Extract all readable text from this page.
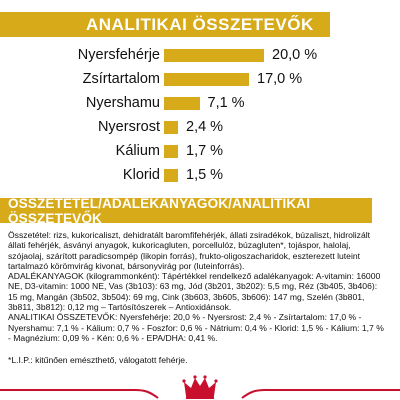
ANALITIKAI ÖSSZETEVŐK
Nyersfehérje	20,0 %
Zsírtartalom	17,0 %
Nyershamu	7,1 %
Nyersrost 2,4 %
Kálium 1,7 %
Klorid 1,5 %
ÖSSZETÉTEL/ADALÉKANYAGOK/ANALITIKAI ÖSSZETEVŐK

Összetétel: rizs, kukoricaliszt, dehidratált baromfifehérjék, állati zsiradékok, búzaliszt, hidrolizált állati fehérjék, ásványi anyagok, kukoricagluten, porcellulóz, búzagluten*, tojáspor, halolaj, szójaolaj, szárított paradicsompép (likopin forrás), frukto-oligoszacharidok, eszterezett luteint tartalmazó körömvirág kivonat, bársonyvirág por (luteinforrás).

ADALÉKANYAGOK (kilogrammonként): Tápértékkel rendelkező adalékanyagok: A-vitamin: 16000 NE, D3-vitamin: 1000 NE, Vas (3b103): 63 mg, Jód (3b201, 3b202): 5,5 mg, Réz (3b405, 3b406): 15 mg, Mangán (3b502, 3b504): 69 mg, Cink (3b603, 3b605, 3b606): 147 mg, Szelén (3b801, 3b811, 3b812): 0,12 mg – Tartósítószerek – Antioxidánsok.

ANALITIKAI ÖSSZETEVŐK: Nyersfehérje: 20,0 % - Nyersrost: 2,4 % - Zsírtartalom: 17,0 % - Nyershamu: 7,1 % - Kálium: 0,7 % - Foszfor: 0,6 % - Nátrium: 0,4 % - Klorid: 1,5 % - Kálium: 1,7 % - Magnézium: 0,09 % - Kén: 0,6 % - EPA/DHA: 0,41 %.

*L.I.P.: kitűnően emészthető, válogatott fehérje.
